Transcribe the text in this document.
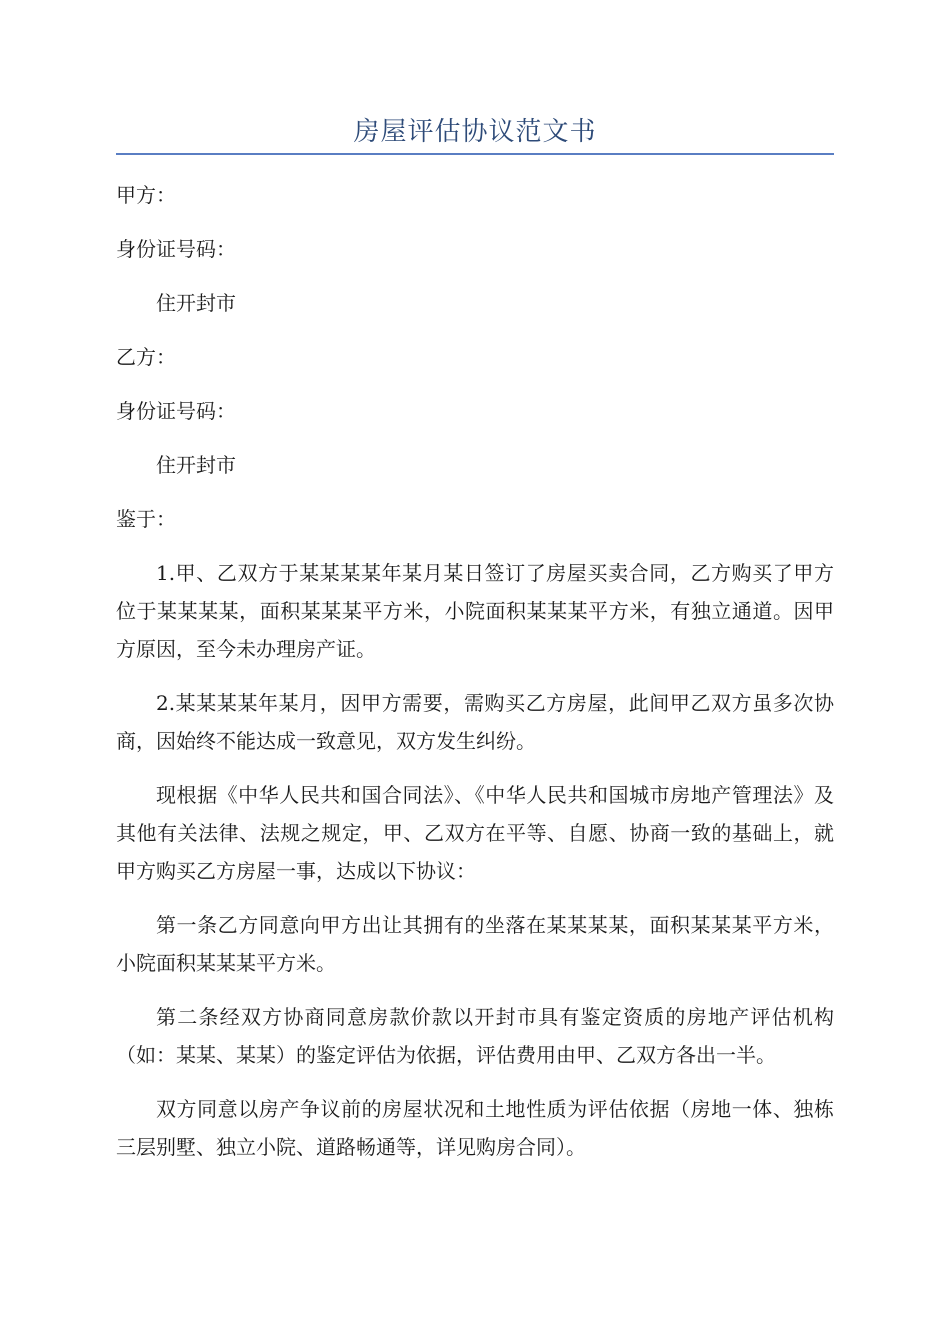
房屋评估协议范文书

甲方：

身份证号码：

住开封市

乙方：

身份证号码：

住开封市

鉴于：

1.甲、乙双方于某某某某年某月某日签订了房屋买卖合同，乙方购买了甲方位于某某某某，面积某某某平方米，小院面积某某某平方米，有独立通道。因甲方原因，至今未办理房产证。

2.某某某某年某月，因甲方需要，需购买乙方房屋，此间甲乙双方虽多次协商，因始终不能达成一致意见，双方发生纠纷。

现根据《中华人民共和国合同法》、《中华人民共和国城市房地产管理法》及其他有关法律、法规之规定，甲、乙双方在平等、自愿、协商一致的基础上，就甲方购买乙方房屋一事，达成以下协议：

第一条乙方同意向甲方出让其拥有的坐落在某某某某，面积某某某平方米，小院面积某某某平方米。

第二条经双方协商同意房款价款以开封市具有鉴定资质的房地产评估机构（如：某某、某某）的鉴定评估为依据，评估费用由甲、乙双方各出一半。

双方同意以房产争议前的房屋状况和土地性质为评估依据（房地一体、独栋三层别墅、独立小院、道路畅通等，详见购房合同）。
